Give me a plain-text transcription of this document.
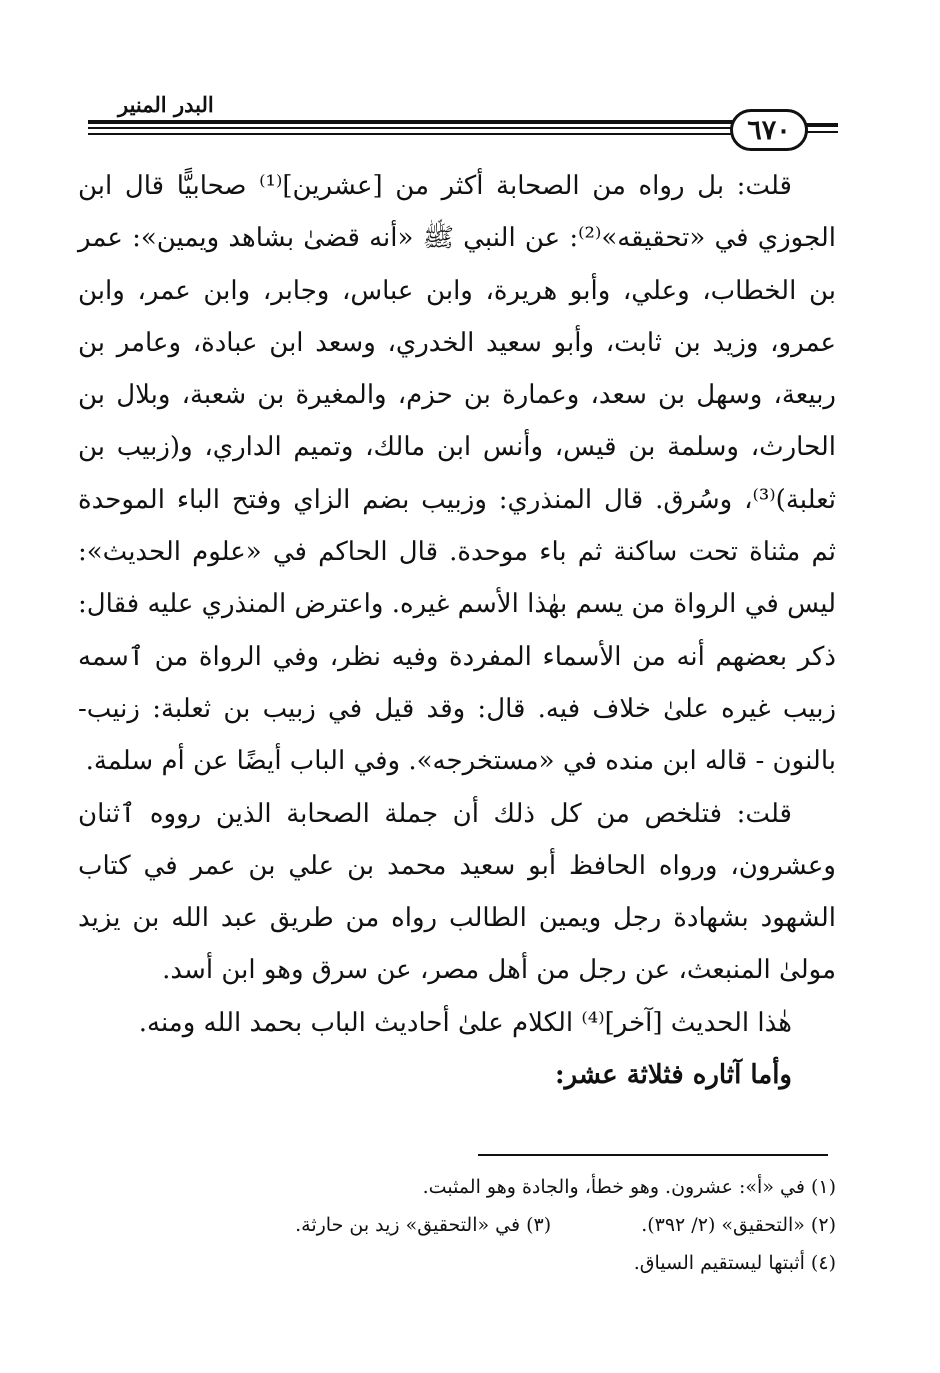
البدر المنير
٦٧٠

قلت: بل رواه من الصحابة أكثر من [عشرين]⁽¹⁾ صحابيًّا قال ابن الجوزي في «تحقيقه»⁽²⁾: عن النبي ﷺ «أنه قضىٰ بشاهد ويمين»: عمر بن الخطاب، وعلي، وأبو هريرة، وابن عباس، وجابر، وابن عمر، وابن عمرو، وزيد بن ثابت، وأبو سعيد الخدري، وسعد ابن عبادة، وعامر بن ربيعة، وسهل بن سعد، وعمارة بن حزم، والمغيرة بن شعبة، وبلال بن الحارث، وسلمة بن قيس، وأنس ابن مالك، وتميم الداري، و(زبيب بن ثعلبة)⁽³⁾، وسُرق. قال المنذري: وزبيب بضم الزاي وفتح الباء الموحدة ثم مثناة تحت ساكنة ثم باء موحدة. قال الحاكم في «علوم الحديث»: ليس في الرواة من يسم بهٰذا الأسم غيره. واعترض المنذري عليه فقال: ذكر بعضهم أنه من الأسماء المفردة وفيه نظر، وفي الرواة من ٱسمه زبيب غيره علىٰ خلاف فيه. قال: وقد قيل في زبيب بن ثعلبة: زنيب- بالنون - قاله ابن منده في «مستخرجه». وفي الباب أيضًا عن أم سلمة.

قلت: فتلخص من كل ذلك أن جملة الصحابة الذين رووه ٱثنان وعشرون، ورواه الحافظ أبو سعيد محمد بن علي بن عمر في كتاب الشهود بشهادة رجل ويمين الطالب رواه من طريق عبد الله بن يزيد مولىٰ المنبعث، عن رجل من أهل مصر، عن سرق وهو ابن أسد.

هٰذا الحديث [آخر]⁽⁴⁾ الكلام علىٰ أحاديث الباب بحمد الله ومنه.

وأما آثاره فثلاثة عشر:

(١) في «أ»: عشرون. وهو خطأ، والجادة وهو المثبت.
(٢) «التحقيق» (٢/ ٣٩٢).
(٣) في «التحقيق» زيد بن حارثة.
(٤) أثبتها ليستقيم السياق.
